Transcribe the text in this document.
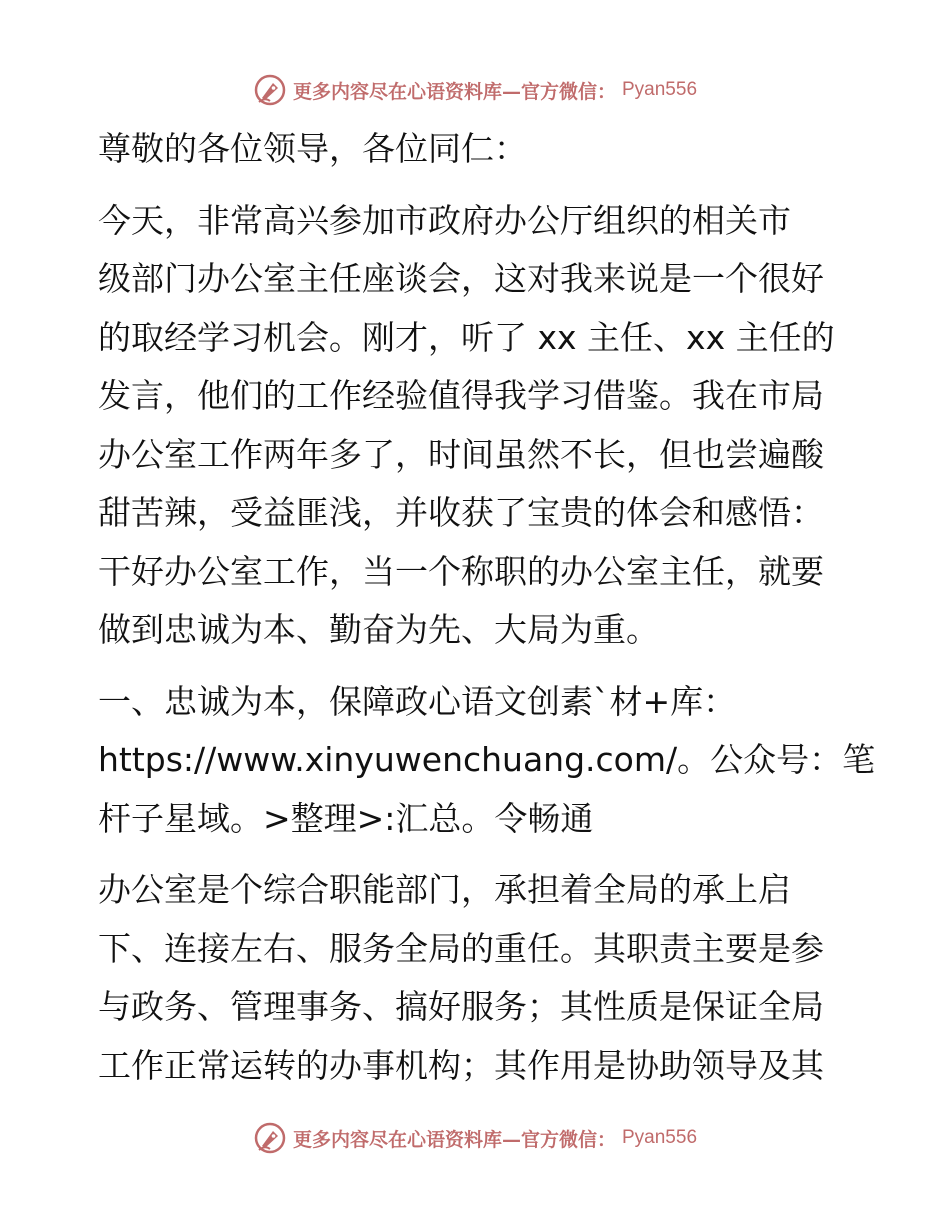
更多内容尽在心语资料库—官方微信： Pyan556
尊敬的各位领导，各位同仁：
今天，非常高兴参加市政府办公厅组织的相关市
级部门办公室主任座谈会，这对我来说是一个很好
的取经学习机会。刚才，听了 xx 主任、xx 主任的
发言，他们的工作经验值得我学习借鉴。我在市局
办公室工作两年多了，时间虽然不长，但也尝遍酸
甜苦辣，受益匪浅，并收获了宝贵的体会和感悟：
干好办公室工作，当一个称职的办公室主任，就要
做到忠诚为本、勤奋为先、大局为重。
一、忠诚为本，保障政心语文创素`材+库：
https://www.xinyuwenchuang.com/。公众号：笔
杆子星域。>整理>:汇总。令畅通
办公室是个综合职能部门，承担着全局的承上启
下、连接左右、服务全局的重任。其职责主要是参
与政务、管理事务、搞好服务；其性质是保证全局
工作正常运转的办事机构；其作用是协助领导及其
更多内容尽在心语资料库—官方微信： Pyan556
